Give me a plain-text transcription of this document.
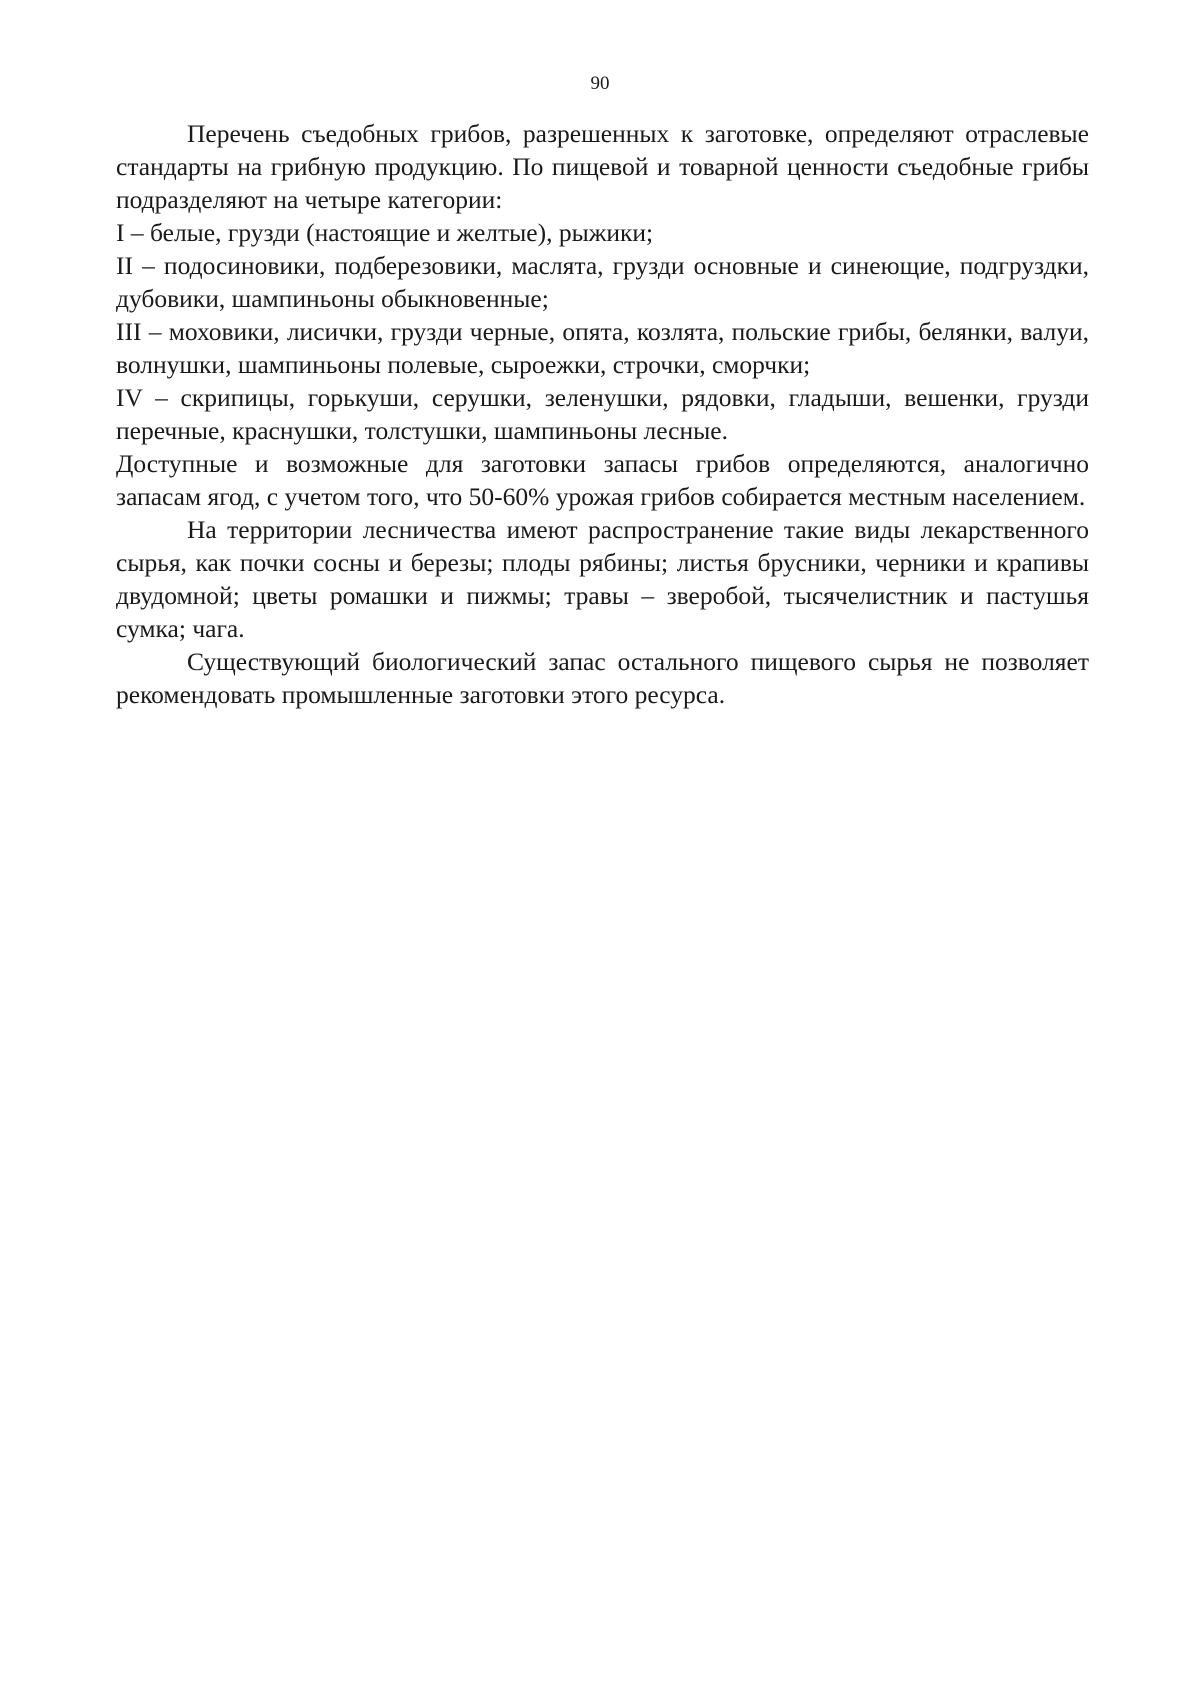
90

Перечень съедобных грибов, разрешенных к заготовке, определяют отраслевые стандарты на грибную продукцию. По пищевой и товарной ценности съедобные грибы подразделяют на четыре категории:

I – белые, грузди (настоящие и желтые), рыжики;

II – подосиновики, подберезовики, маслята, грузди основные и синеющие, подгруздки, дубовики, шампиньоны обыкновенные;

III – моховики, лисички, грузди черные, опята, козлята, польские грибы, белянки, валуи, волнушки, шампиньоны полевые, сыроежки, строчки, сморчки;

IV – скрипицы, горькуши, серушки, зеленушки, рядовки, гладыши, вешенки, грузди перечные, краснушки, толстушки, шампиньоны лесные.

Доступные и возможные для заготовки запасы грибов определяются, аналогично запасам ягод, с учетом того, что 50-60% урожая грибов собирается местным населением.

На территории лесничества имеют распространение такие виды лекарственного сырья, как почки сосны и березы; плоды рябины; листья брусники, черники и крапивы двудомной; цветы ромашки и пижмы; травы – зверобой, тысячелистник и пастушья сумка; чага.

Существующий биологический запас остального пищевого сырья не позволяет рекомендовать промышленные заготовки этого ресурса.
